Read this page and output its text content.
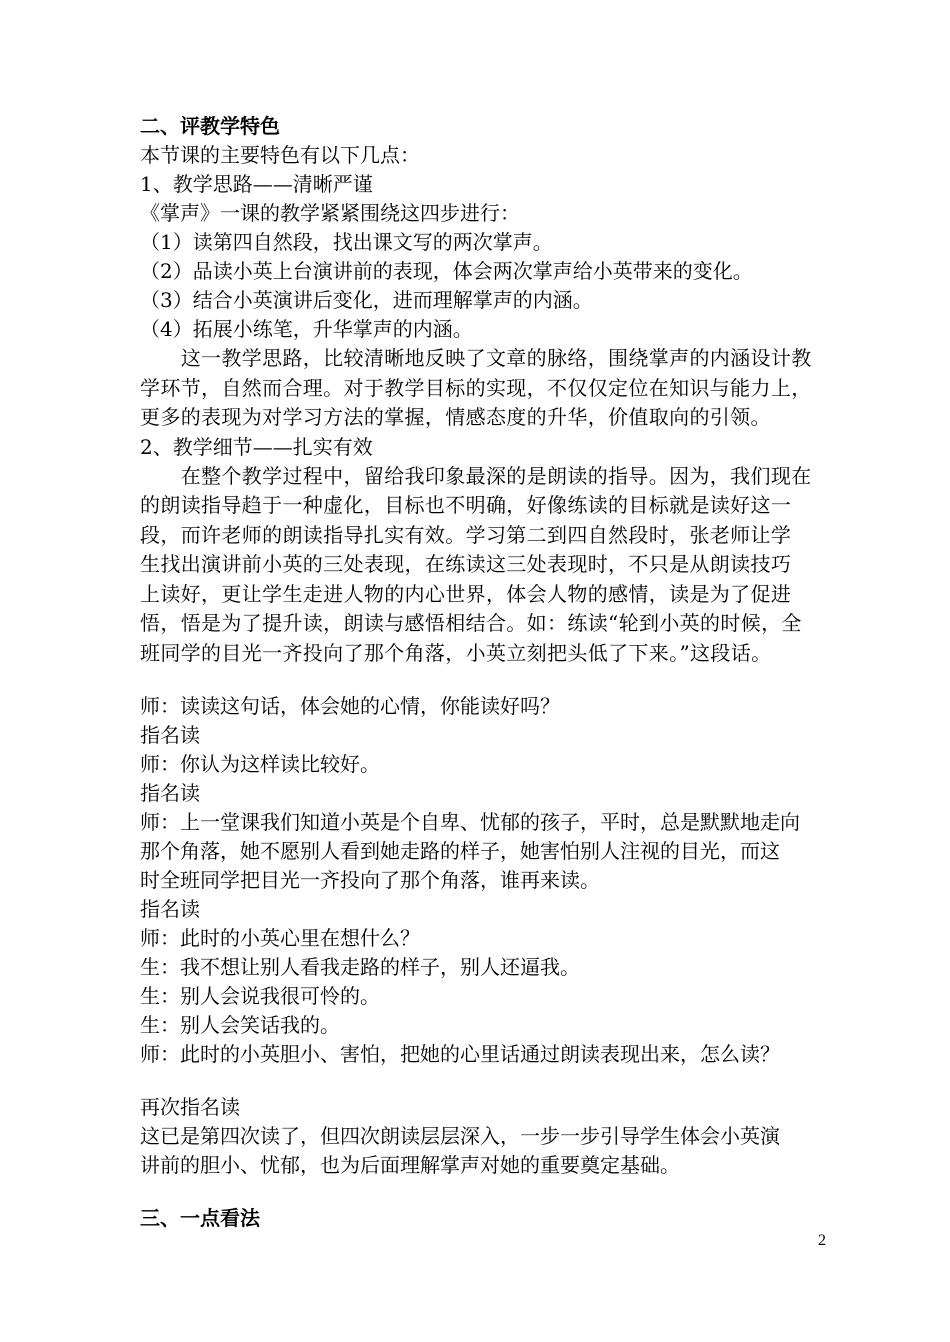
二、评教学特色
本节课的主要特色有以下几点：
1、教学思路——清晰严谨
《掌声》一课的教学紧紧围绕这四步进行：
（1）读第四自然段，找出课文写的两次掌声。
（2）品读小英上台演讲前的表现，体会两次掌声给小英带来的变化。
（3）结合小英演讲后变化，进而理解掌声的内涵。
（4）拓展小练笔，升华掌声的内涵。
　　这一教学思路，比较清晰地反映了文章的脉络，围绕掌声的内涵设计教
学环节，自然而合理。对于教学目标的实现，不仅仅定位在知识与能力上，
更多的表现为对学习方法的掌握，情感态度的升华，价值取向的引领。
2、教学细节——扎实有效
　　在整个教学过程中，留给我印象最深的是朗读的指导。因为，我们现在
的朗读指导趋于一种虚化，目标也不明确，好像练读的目标就是读好这一
段，而许老师的朗读指导扎实有效。学习第二到四自然段时，张老师让学
生找出演讲前小英的三处表现，在练读这三处表现时，不只是从朗读技巧
上读好，更让学生走进人物的内心世界，体会人物的感情，读是为了促进
悟，悟是为了提升读，朗读与感悟相结合。如：练读“轮到小英的时候，全
班同学的目光一齐投向了那个角落，小英立刻把头低了下来。”这段话。
师：读读这句话，体会她的心情，你能读好吗？
指名读
师：你认为这样读比较好。
指名读
师：上一堂课我们知道小英是个自卑、忧郁的孩子，平时，总是默默地走向
那个角落，她不愿别人看到她走路的样子，她害怕别人注视的目光，而这
时全班同学把目光一齐投向了那个角落，谁再来读。
指名读
师：此时的小英心里在想什么？
生：我不想让别人看我走路的样子，别人还逼我。
生：别人会说我很可怜的。
生：别人会笑话我的。
师：此时的小英胆小、害怕，把她的心里话通过朗读表现出来，怎么读？
再次指名读
这已是第四次读了，但四次朗读层层深入，一步一步引导学生体会小英演
讲前的胆小、忧郁，也为后面理解掌声对她的重要奠定基础。
三、一点看法
2
